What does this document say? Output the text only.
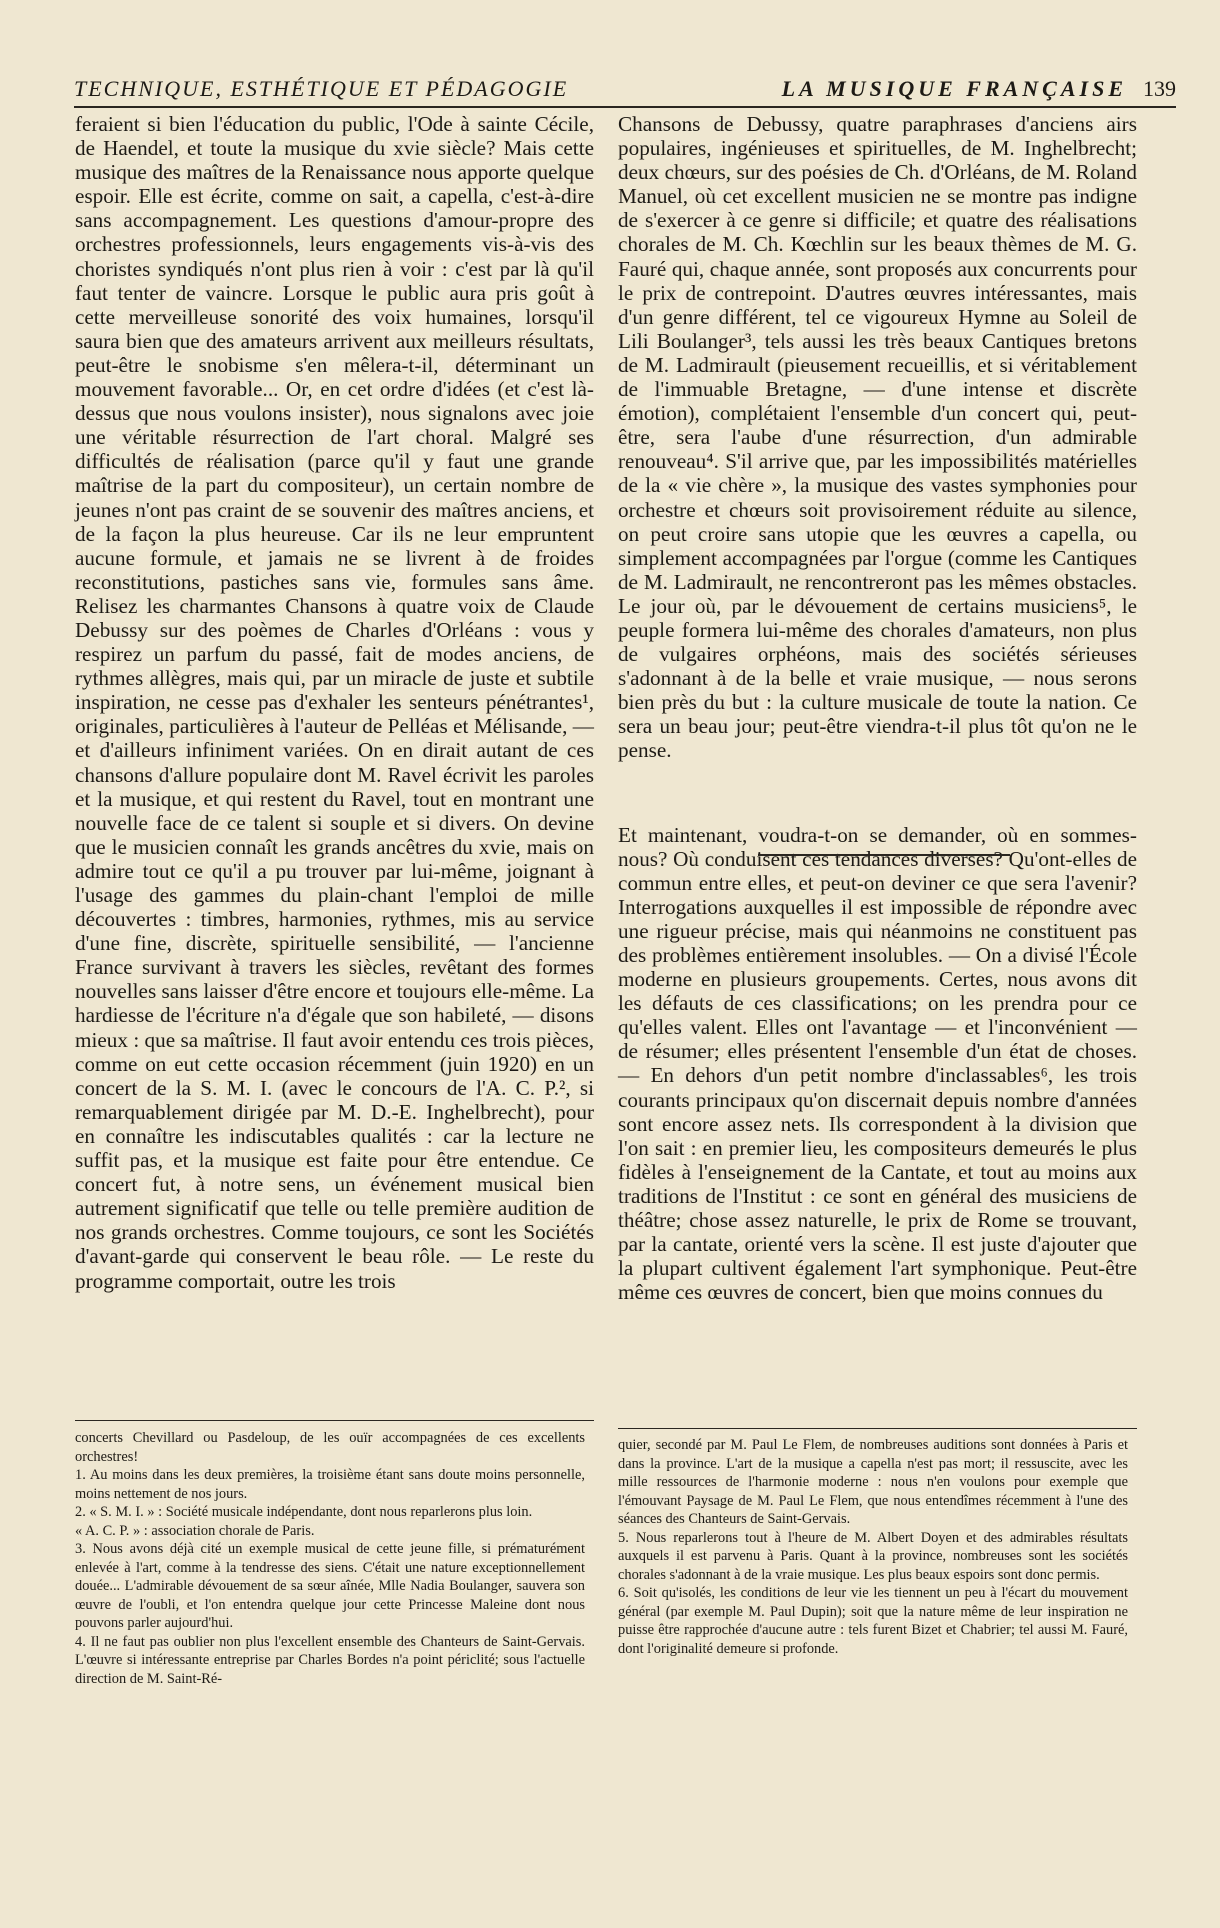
TECHNIQUE, ESTHÉTIQUE ET PÉDAGOGIE	LA MUSIQUE FRANÇAISE 139

feraient si bien l'éducation du public, l'Ode à sainte Cécile, de Haendel, et toute la musique du xvie siècle? Mais cette musique des maîtres de la Renaissance nous apporte quelque espoir. Elle est écrite, comme on sait, a capella, c'est-à-dire sans accompagnement. Les questions d'amour-propre des orchestres professionnels, leurs engagements vis-à-vis des choristes syndiqués n'ont plus rien à voir : c'est par là qu'il faut tenter de vaincre. Lorsque le public aura pris goût à cette merveilleuse sonorité des voix humaines, lorsqu'il saura bien que des amateurs arrivent aux meilleurs résultats, peut-être le snobisme s'en mêlera-t-il, déterminant un mouvement favorable... Or, en cet ordre d'idées (et c'est là-dessus que nous voulons insister), nous signalons avec joie une véritable résurrection de l'art choral. Malgré ses difficultés de réalisation (parce qu'il y faut une grande maîtrise de la part du compositeur), un certain nombre de jeunes n'ont pas craint de se souvenir des maîtres anciens, et de la façon la plus heureuse. Car ils ne leur empruntent aucune formule, et jamais ne se livrent à de froides reconstitutions, pastiches sans vie, formules sans âme. Relisez les charmantes Chansons à quatre voix de Claude Debussy sur des poèmes de Charles d'Orléans : vous y respirez un parfum du passé, fait de modes anciens, de rythmes allègres, mais qui, par un miracle de juste et subtile inspiration, ne cesse pas d'exhaler les senteurs pénétrantes¹, originales, particulières à l'auteur de Pelléas et Mélisande, — et d'ailleurs infiniment variées. On en dirait autant de ces chansons d'allure populaire dont M. Ravel écrivit les paroles et la musique, et qui restent du Ravel, tout en montrant une nouvelle face de ce talent si souple et si divers. On devine que le musicien connaît les grands ancêtres du xvie, mais on admire tout ce qu'il a pu trouver par lui-même, joignant à l'usage des gammes du plain-chant l'emploi de mille découvertes : timbres, harmonies, rythmes, mis au service d'une fine, discrète, spirituelle sensibilité, — l'ancienne France survivant à travers les siècles, revêtant des formes nouvelles sans laisser d'être encore et toujours elle-même. La hardiesse de l'écriture n'a d'égale que son habileté, — disons mieux : que sa maîtrise. Il faut avoir entendu ces trois pièces, comme on eut cette occasion récemment (juin 1920) en un concert de la S. M. I. (avec le concours de l'A. C. P.², si remarquablement dirigée par M. D.-E. Inghelbrecht), pour en connaître les indiscutables qualités : car la lecture ne suffit pas, et la musique est faite pour être entendue. Ce concert fut, à notre sens, un événement musical bien autrement significatif que telle ou telle première audition de nos grands orchestres. Comme toujours, ce sont les Sociétés d'avant-garde qui conservent le beau rôle. — Le reste du programme comportait, outre les trois

Chansons de Debussy, quatre paraphrases d'anciens airs populaires, ingénieuses et spirituelles, de M. Inghelbrecht; deux chœurs, sur des poésies de Ch. d'Orléans, de M. Roland Manuel, où cet excellent musicien ne se montre pas indigne de s'exercer à ce genre si difficile; et quatre des réalisations chorales de M. Ch. Kœchlin sur les beaux thèmes de M. G. Fauré qui, chaque année, sont proposés aux concurrents pour le prix de contrepoint. D'autres œuvres intéressantes, mais d'un genre différent, tel ce vigoureux Hymne au Soleil de Lili Boulanger³, tels aussi les très beaux Cantiques bretons de M. Ladmirault (pieusement recueillis, et si véritablement de l'immuable Bretagne, — d'une intense et discrète émotion), complétaient l'ensemble d'un concert qui, peut-être, sera l'aube d'une résurrection, d'un admirable renouveau⁴. S'il arrive que, par les impossibilités matérielles de la « vie chère », la musique des vastes symphonies pour orchestre et chœurs soit provisoirement réduite au silence, on peut croire sans utopie que les œuvres a capella, ou simplement accompagnées par l'orgue (comme les Cantiques de M. Ladmirault, ne rencontreront pas les mêmes obstacles. Le jour où, par le dévouement de certains musiciens⁵, le peuple formera lui-même des chorales d'amateurs, non plus de vulgaires orphéons, mais des sociétés sérieuses s'adonnant à de la belle et vraie musique, — nous serons bien près du but : la culture musicale de toute la nation. Ce sera un beau jour; peut-être viendra-t-il plus tôt qu'on ne le pense.

Et maintenant, voudra-t-on se demander, où en sommes-nous? Où conduisent ces tendances diverses? Qu'ont-elles de commun entre elles, et peut-on deviner ce que sera l'avenir? Interrogations auxquelles il est impossible de répondre avec une rigueur précise, mais qui néanmoins ne constituent pas des problèmes entièrement insolubles. — On a divisé l'École moderne en plusieurs groupements. Certes, nous avons dit les défauts de ces classifications; on les prendra pour ce qu'elles valent. Elles ont l'avantage — et l'inconvénient — de résumer; elles présentent l'ensemble d'un état de choses. — En dehors d'un petit nombre d'inclassables⁶, les trois courants principaux qu'on discernait depuis nombre d'années sont encore assez nets. Ils correspondent à la division que l'on sait : en premier lieu, les compositeurs demeurés le plus fidèles à l'enseignement de la Cantate, et tout au moins aux traditions de l'Institut : ce sont en général des musiciens de théâtre; chose assez naturelle, le prix de Rome se trouvant, par la cantate, orienté vers la scène. Il est juste d'ajouter que la plupart cultivent également l'art symphonique. Peut-être même ces œuvres de concert, bien que moins connues du

concerts Chevillard ou Pasdeloup, de les ouïr accompagnées de ces excellents orchestres!

1. Au moins dans les deux premières, la troisième étant sans doute moins personnelle, moins nettement de nos jours.

2. « S. M. I. » : Société musicale indépendante, dont nous reparlerons plus loin.

« A. C. P. » : association chorale de Paris.

3. Nous avons déjà cité un exemple musical de cette jeune fille, si prématurément enlevée à l'art, comme à la tendresse des siens. C'était une nature exceptionnellement douée... L'admirable dévouement de sa sœur aînée, Mlle Nadia Boulanger, sauvera son œuvre de l'oubli, et l'on entendra quelque jour cette Princesse Maleine dont nous pouvons parler aujourd'hui.

4. Il ne faut pas oublier non plus l'excellent ensemble des Chanteurs de Saint-Gervais. L'œuvre si intéressante entreprise par Charles Bordes n'a point périclité; sous l'actuelle direction de M. Saint-Ré-

quier, secondé par M. Paul Le Flem, de nombreuses auditions sont données à Paris et dans la province. L'art de la musique a capella n'est pas mort; il ressuscite, avec les mille ressources de l'harmonie moderne : nous n'en voulons pour exemple que l'émouvant Paysage de M. Paul Le Flem, que nous entendîmes récemment à l'une des séances des Chanteurs de Saint-Gervais.

5. Nous reparlerons tout à l'heure de M. Albert Doyen et des admirables résultats auxquels il est parvenu à Paris. Quant à la province, nombreuses sont les sociétés chorales s'adonnant à de la vraie musique. Les plus beaux espoirs sont donc permis.

6. Soit qu'isolés, les conditions de leur vie les tiennent un peu à l'écart du mouvement général (par exemple M. Paul Dupin); soit que la nature même de leur inspiration ne puisse être rapprochée d'aucune autre : tels furent Bizet et Chabrier; tel aussi M. Fauré, dont l'originalité demeure si profonde.
